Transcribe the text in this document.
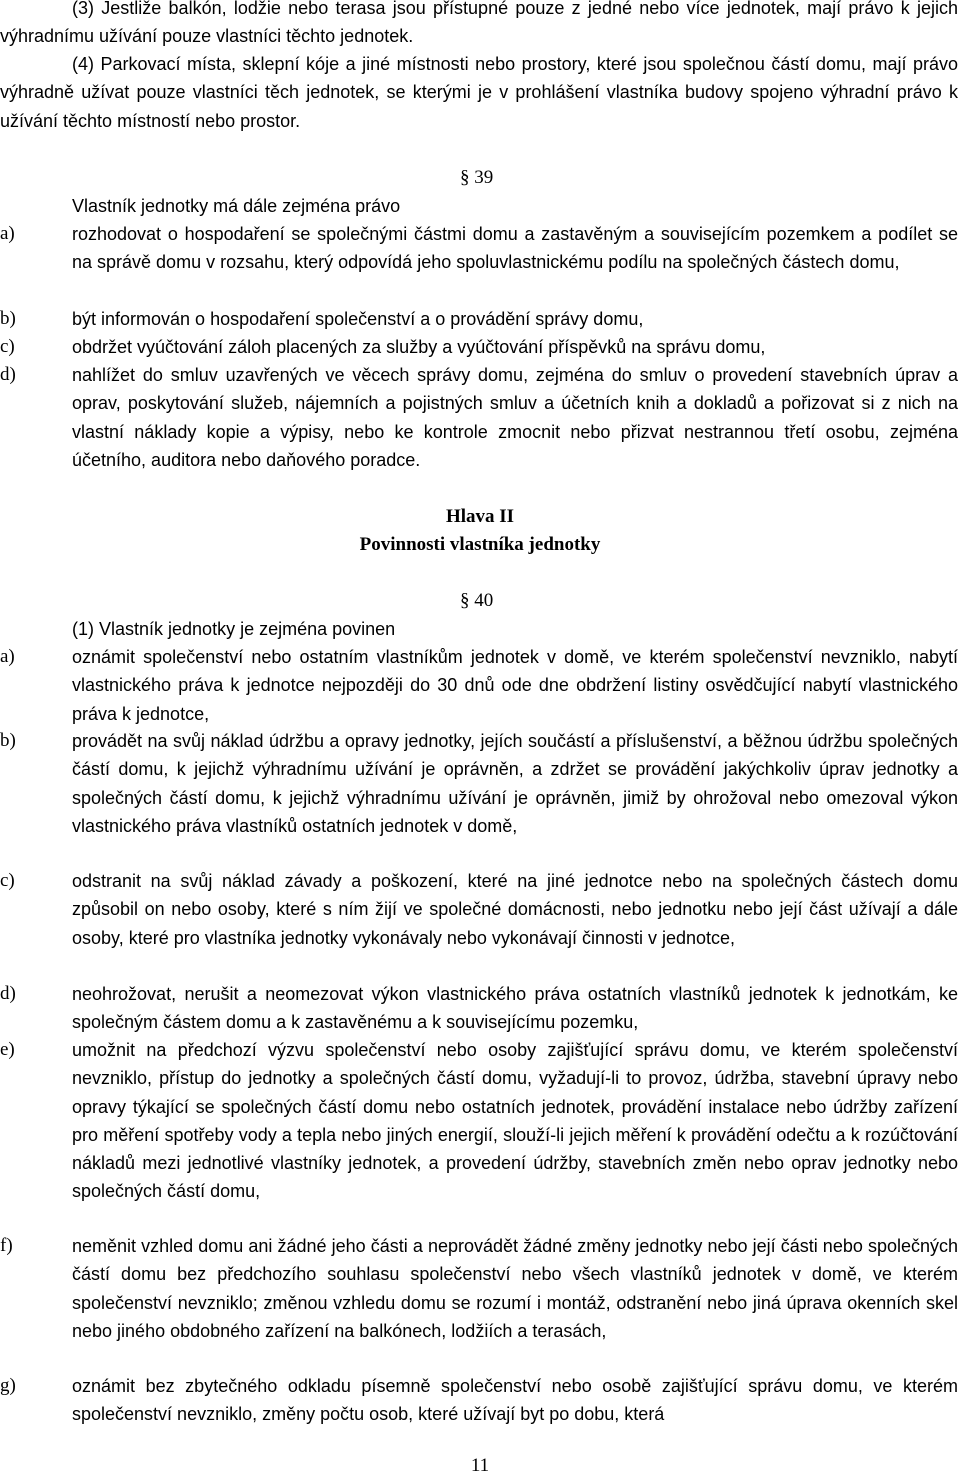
(3) Jestliže balkón, lodžie nebo terasa jsou přístupné pouze z jedné nebo více jednotek, mají právo k jejich výhradnímu užívání pouze vlastníci těchto jednotek.

(4) Parkovací místa, sklepní kóje a jiné místnosti nebo prostory, které jsou společnou částí domu, mají právo výhradně užívat pouze vlastníci těch jednotek, se kterými je v prohlášení vlastníka budovy spojeno výhradní právo k užívání těchto místností nebo prostor.

§ 39
Vlastník jednotky má dále zejména právo
a)	rozhodovat o hospodaření se společnými částmi domu a zastavěným a souvisejícím pozemkem a podílet se na správě domu v rozsahu, který odpovídá jeho spoluvlastnickému podílu na společných částech domu,

b)	být informován o hospodaření společenství a o provádění správy domu,

c)	obdržet vyúčtování záloh placených za služby a vyúčtování příspěvků na správu domu,

d)	nahlížet do smluv uzavřených ve věcech správy domu, zejména do smluv o provedení stavebních úprav a oprav, poskytování služeb, nájemních a pojistných smluv a účetních knih a dokladů a pořizovat si z nich na vlastní náklady kopie a výpisy, nebo ke kontrole zmocnit nebo přizvat nestrannou třetí osobu, zejména účetního, auditora nebo daňového poradce.

Hlava II
Povinnosti vlastníka jednotky
§ 40
(1) Vlastník jednotky je zejména povinen
a)	oznámit společenství nebo ostatním vlastníkům jednotek v domě, ve kterém společenství nevzniklo, nabytí vlastnického práva k jednotce nejpozději do 30 dnů ode dne obdržení listiny osvědčující nabytí vlastnického práva k jednotce,

b)	provádět na svůj náklad údržbu a opravy jednotky, jejích součástí a příslušenství, a běžnou údržbu společných částí domu, k jejichž výhradnímu užívání je oprávněn, a zdržet se provádění jakýchkoliv úprav jednotky a společných částí domu, k jejichž výhradnímu užívání je oprávněn, jimiž by ohrožoval nebo omezoval výkon vlastnického práva vlastníků ostatních jednotek v domě,

c)	odstranit na svůj náklad závady a poškození, které na jiné jednotce nebo na společných částech domu způsobil on nebo osoby, které s ním žijí ve společné domácnosti, nebo jednotku nebo její část užívají a dále osoby, které pro vlastníka jednotky vykonávaly nebo vykonávají činnosti v jednotce,

d)	neohrožovat, nerušit a neomezovat výkon vlastnického práva ostatních vlastníků jednotek k jednotkám, ke společným částem domu a k zastavěnému a k souvisejícímu pozemku,

e)	umožnit na předchozí výzvu společenství nebo osoby zajišťující správu domu, ve kterém společenství nevzniklo, přístup do jednotky a společných částí domu, vyžadují-li to provoz, údržba, stavební úpravy nebo opravy týkající se společných částí domu nebo ostatních jednotek, provádění instalace nebo údržby zařízení pro měření spotřeby vody a tepla nebo jiných energií, slouží-li jejich měření k provádění odečtu a k rozúčtování nákladů mezi jednotlivé vlastníky jednotek, a provedení údržby, stavebních změn nebo oprav jednotky nebo společných částí domu,

f)	neměnit vzhled domu ani žádné jeho části a neprovádět žádné změny jednotky nebo její části nebo společných částí domu bez předchozího souhlasu společenství nebo všech vlastníků jednotek v domě, ve kterém společenství nevzniklo; změnou vzhledu domu se rozumí i montáž, odstranění nebo jiná úprava okenních skel nebo jiného obdobného zařízení na balkónech, lodžiích a terasách,

g)	oznámit bez zbytečného odkladu písemně společenství nebo osobě zajišťující správu domu, ve kterém společenství nevzniklo, změny počtu osob, které užívají byt po dobu, která

11
